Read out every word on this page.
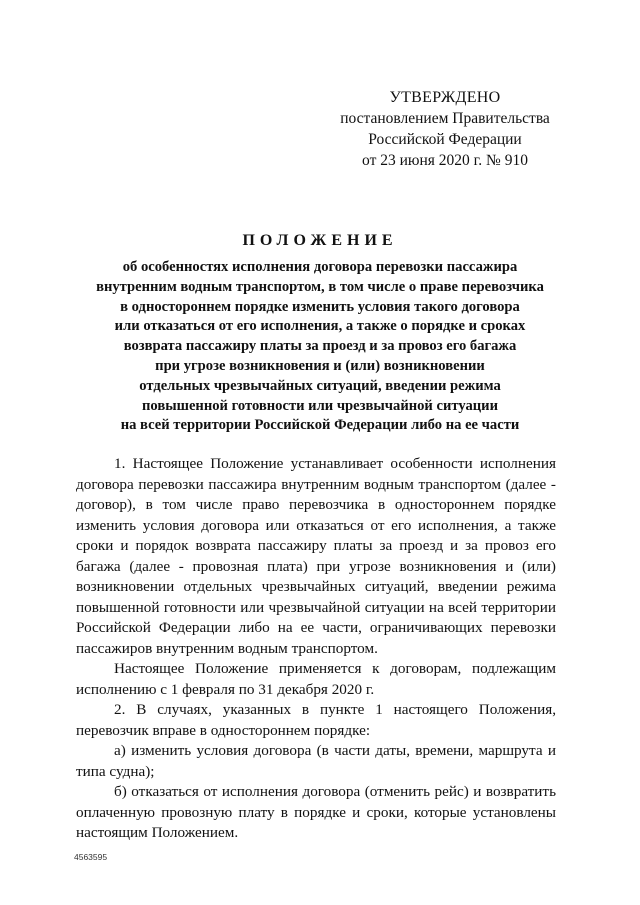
УТВЕРЖДЕНО
постановлением Правительства
Российской Федерации
от 23 июня 2020 г. № 910
ПОЛОЖЕНИЕ
об особенностях исполнения договора перевозки пассажира
внутренним водным транспортом, в том числе о праве перевозчика
в одностороннем порядке изменить условия такого договора
или отказаться от его исполнения, а также о порядке и сроках
возврата пассажиру платы за проезд и за провоз его багажа
при угрозе возникновения и (или) возникновении
отдельных чрезвычайных ситуаций, введении режима
повышенной готовности или чрезвычайной ситуации
на всей территории Российской Федерации либо на ее части

1. Настоящее Положение устанавливает особенности исполнения договора перевозки пассажира внутренним водным транспортом (далее - договор), в том числе право перевозчика в одностороннем порядке изменить условия договора или отказаться от его исполнения, а также сроки и порядок возврата пассажиру платы за проезд и за провоз его багажа (далее - провозная плата) при угрозе возникновения и (или) возникновении отдельных чрезвычайных ситуаций, введении режима повышенной готовности или чрезвычайной ситуации на всей территории Российской Федерации либо на ее части, ограничивающих перевозки пассажиров внутренним водным транспортом.

Настоящее Положение применяется к договорам, подлежащим исполнению с 1 февраля по 31 декабря 2020 г.

2. В случаях, указанных в пункте 1 настоящего Положения, перевозчик вправе в одностороннем порядке:

а) изменить условия договора (в части даты, времени, маршрута и типа судна);

б) отказаться от исполнения договора (отменить рейс) и возвратить оплаченную провозную плату в порядке и сроки, которые установлены настоящим Положением.

4563595
